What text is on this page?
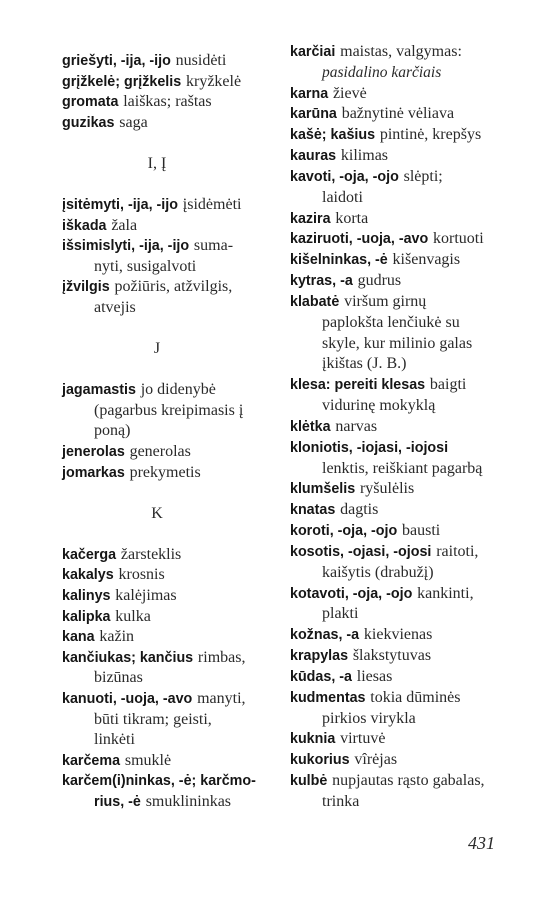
griešyti, -ija, -ijo nusidėti
grįžkelė; grįžkelis kryžkelė
gromata laiškas; raštas
guzikas saga
I, Į
įsitėmyti, -ija, -ijo įsidėmėti
iškada žala
išsimislyti, -ija, -ijo suma-
nyti, susigalvoti
įžvilgis požiūris, atžvilgis,
atvejis
J
jagamastis jo didenybė
(pagarbus kreipimasis į
poną)
jenerolas generolas
jomarkas prekymetis
K
kačerga žarsteklis
kakalys krosnis
kalinys kalėjimas
kalipka kulka
kana kažin
kančiukas; kančius rimbas,
bizūnas
kanuoti, -uoja, -avo manyti,
būti tikram; geisti,
linkėti
karčema smuklė
karčem(i)ninkas, -ė; karčmo-
rius, -ė smuklininkas
karčiai maistas, valgymas:
pasidalino karčiais
karna žievė
karūna bažnytinė vėliava
kašė; kašius pintinė, krepšys
kauras kilimas
kavoti, -oja, -ojo slėpti;
laidoti
kazira korta
kaziruoti, -uoja, -avo kortuoti
kišelninkas, -ė kišenvagis
kytras, -a gudrus
klabatė viršum girnų
paplokšta lenčiukė su
skyle, kur milinio galas
įkištas (J. B.)
klesa: pereiti klesas baigti
vidurinę mokyklą
klėtka narvas
kloniotis, -iojasi, -iojosi
lenktis, reiškiant pagarbą
klumšelis ryšulėlis
knatas dagtis
koroti, -oja, -ojo bausti
kosotis, -ojasi, -ojosi raitoti,
kaišytis (drabužį)
kotavoti, -oja, -ojo kankinti,
plakti
kožnas, -a kiekvienas
krapylas šlakstytuvas
kūdas, -a liesas
kudmentas tokia dūminės
pirkios virykla
kuknia virtuvė
kukorius vîrėjas
kulbė nupjautas rąsto gabalas,
trinka
431
